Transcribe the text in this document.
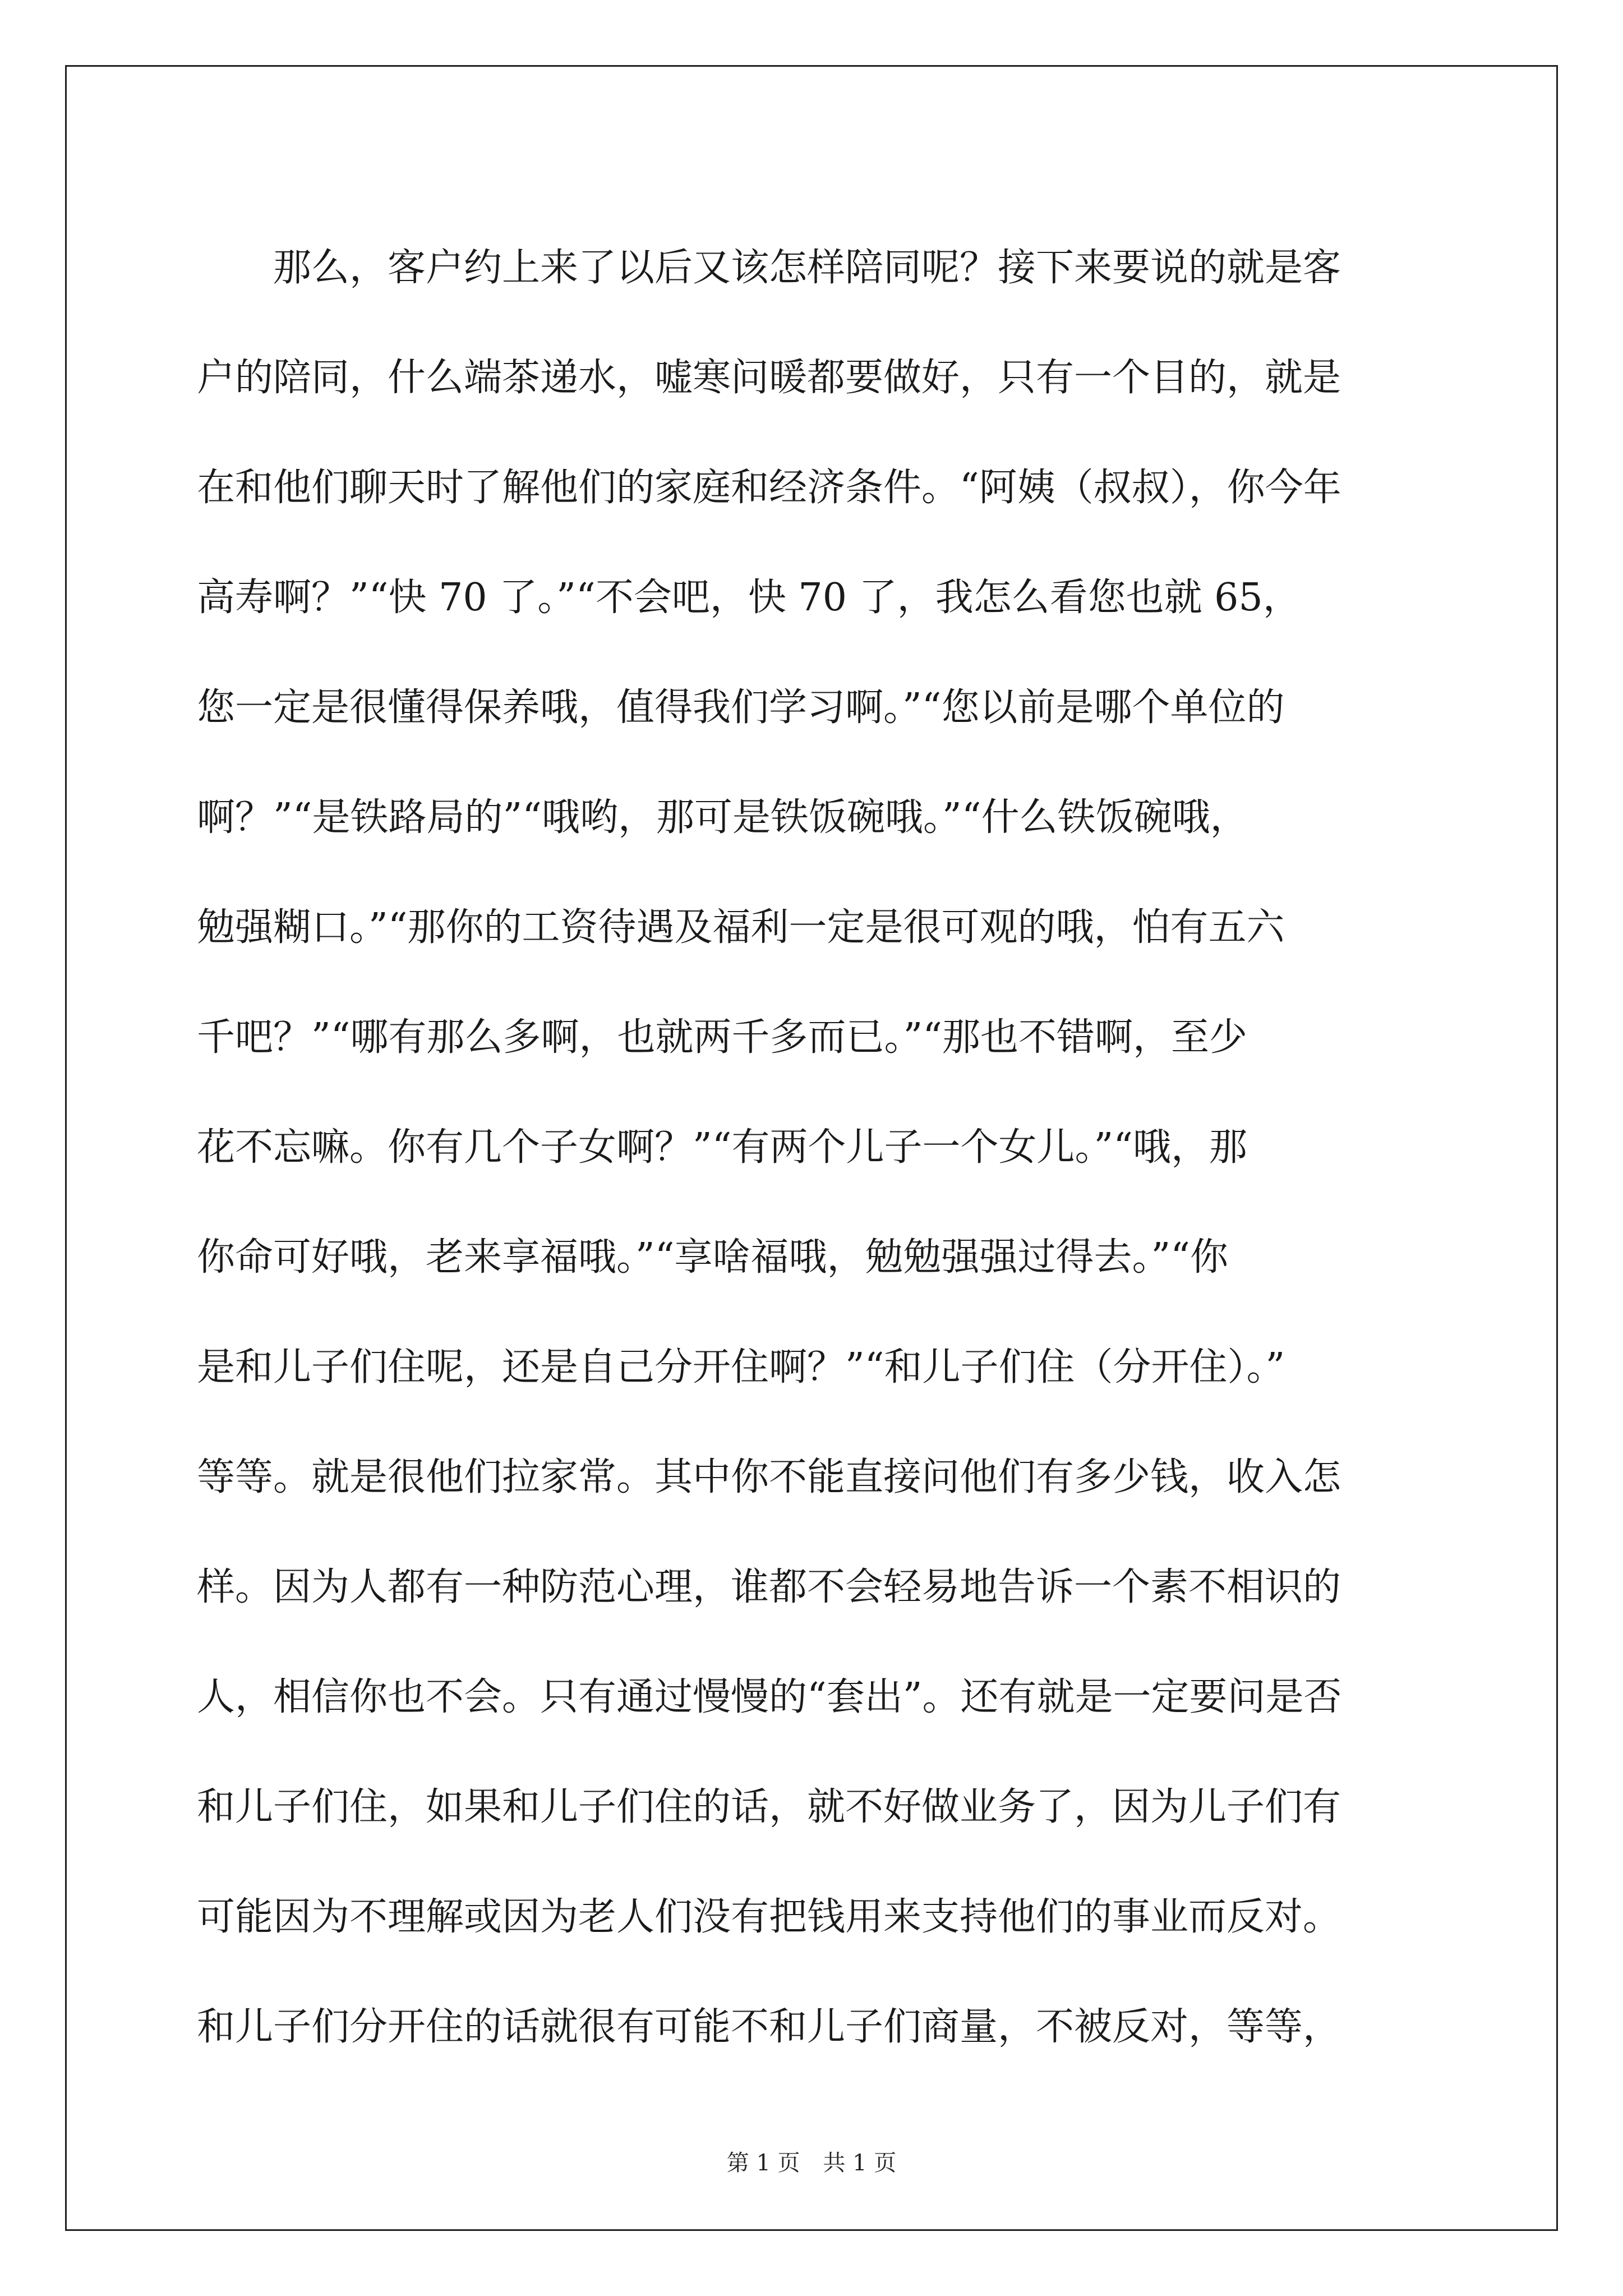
　　那么，客户约上来了以后又该怎样陪同呢？接下来要说的就是客
户的陪同，什么端茶递水，嘘寒问暖都要做好，只有一个目的，就是
在和他们聊天时了解他们的家庭和经济条件。“阿姨（叔叔），你今年
高寿啊？”“快 70 了。”“不会吧，快 70 了，我怎么看您也就 65，
您一定是很懂得保养哦，值得我们学习啊。”“您以前是哪个单位的
啊？”“是铁路局的”“哦哟，那可是铁饭碗哦。”“什么铁饭碗哦，
勉强糊口。”“那你的工资待遇及福利一定是很可观的哦，怕有五六
千吧？”“哪有那么多啊，也就两千多而已。”“那也不错啊，至少
花不忘嘛。你有几个子女啊？”“有两个儿子一个女儿。”“哦，那
你命可好哦，老来享福哦。”“享啥福哦，勉勉强强过得去。”“你
是和儿子们住呢，还是自己分开住啊？”“和儿子们住（分开住）。”
等等。就是很他们拉家常。其中你不能直接问他们有多少钱，收入怎
样。因为人都有一种防范心理，谁都不会轻易地告诉一个素不相识的
人，相信你也不会。只有通过慢慢的“套出”。还有就是一定要问是否
和儿子们住，如果和儿子们住的话，就不好做业务了，因为儿子们有
可能因为不理解或因为老人们没有把钱用来支持他们的事业而反对。
和儿子们分开住的话就很有可能不和儿子们商量，不被反对，等等，
第 1 页 共 1 页
